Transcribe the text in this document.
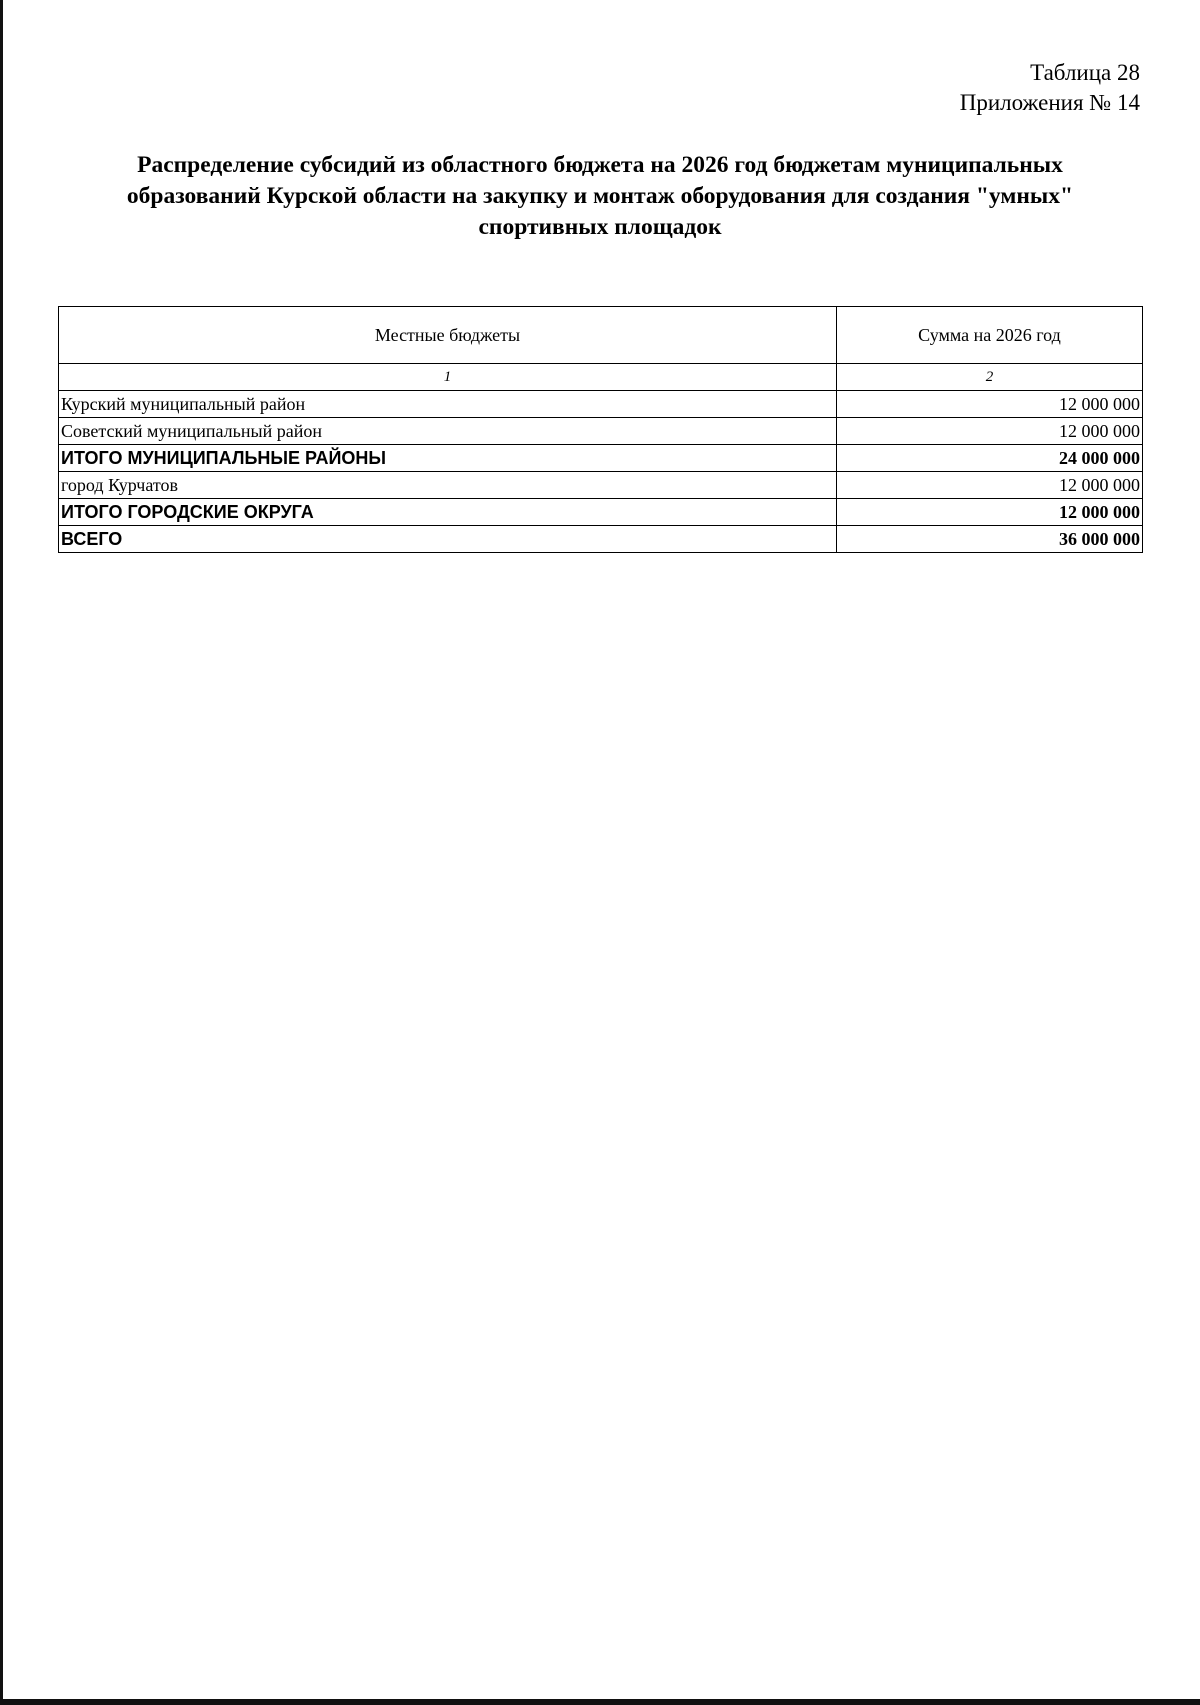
Таблица 28
Приложения № 14
Распределение субсидий из областного бюджета на 2026 год бюджетам муниципальных
образований Курской области на закупку и монтаж оборудования для создания "умных"
спортивных площадок
Местные бюджеты	Сумма на 2026 год
1	2
Курский муниципальный район	12 000 000
Советский муниципальный район	12 000 000
ИТОГО МУНИЦИПАЛЬНЫЕ РАЙОНЫ	24 000 000
город Курчатов	12 000 000
ИТОГО ГОРОДСКИЕ ОКРУГА	12 000 000
ВСЕГО	36 000 000
